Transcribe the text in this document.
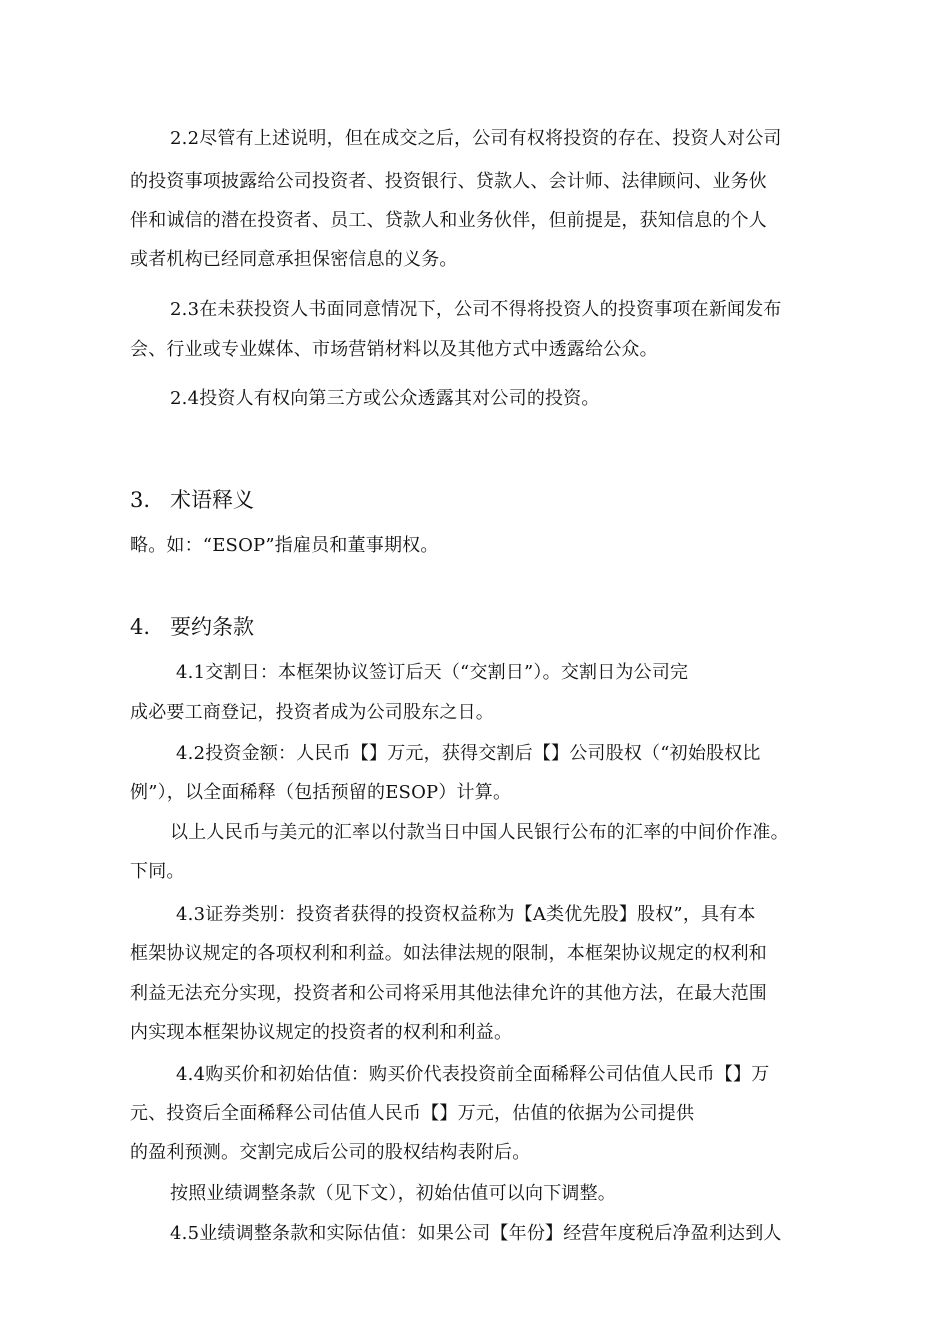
2.2尽管有上述说明，但在成交之后，公司有权将投资的存在、投资人对公司
的投资事项披露给公司投资者、投资银行、贷款人、会计师、法律顾问、业务伙
伴和诚信的潜在投资者、员工、贷款人和业务伙伴，但前提是，获知信息的个人
或者机构已经同意承担保密信息的义务。
2.3在未获投资人书面同意情况下，公司不得将投资人的投资事项在新闻发布
会、行业或专业媒体、市场营销材料以及其他方式中透露给公众。
2.4投资人有权向第三方或公众透露其对公司的投资。
3. 术语释义
略。如：“ESOP”指雇员和董事期权。
4. 要约条款
4.1交割日：本框架协议签订后天（“交割日”）。交割日为公司完
成必要工商登记，投资者成为公司股东之日。
4.2投资金额：人民币【】万元，获得交割后【】公司股权（“初始股权比
例”），以全面稀释（包括预留的ESOP）计算。
以上人民币与美元的汇率以付款当日中国人民银行公布的汇率的中间价作准。
下同。
4.3证券类别：投资者获得的投资权益称为【A类优先股】股权”，具有本
框架协议规定的各项权利和利益。如法律法规的限制，本框架协议规定的权利和
利益无法充分实现，投资者和公司将采用其他法律允许的其他方法，在最大范围
内实现本框架协议规定的投资者的权利和利益。
4.4购买价和初始估值：购买价代表投资前全面稀释公司估值人民币【】万
元、投资后全面稀释公司估值人民币【】万元，估值的依据为公司提供
的盈利预测。交割完成后公司的股权结构表附后。
按照业绩调整条款（见下文），初始估值可以向下调整。
4.5业绩调整条款和实际估值：如果公司【年份】经营年度税后净盈利达到人
